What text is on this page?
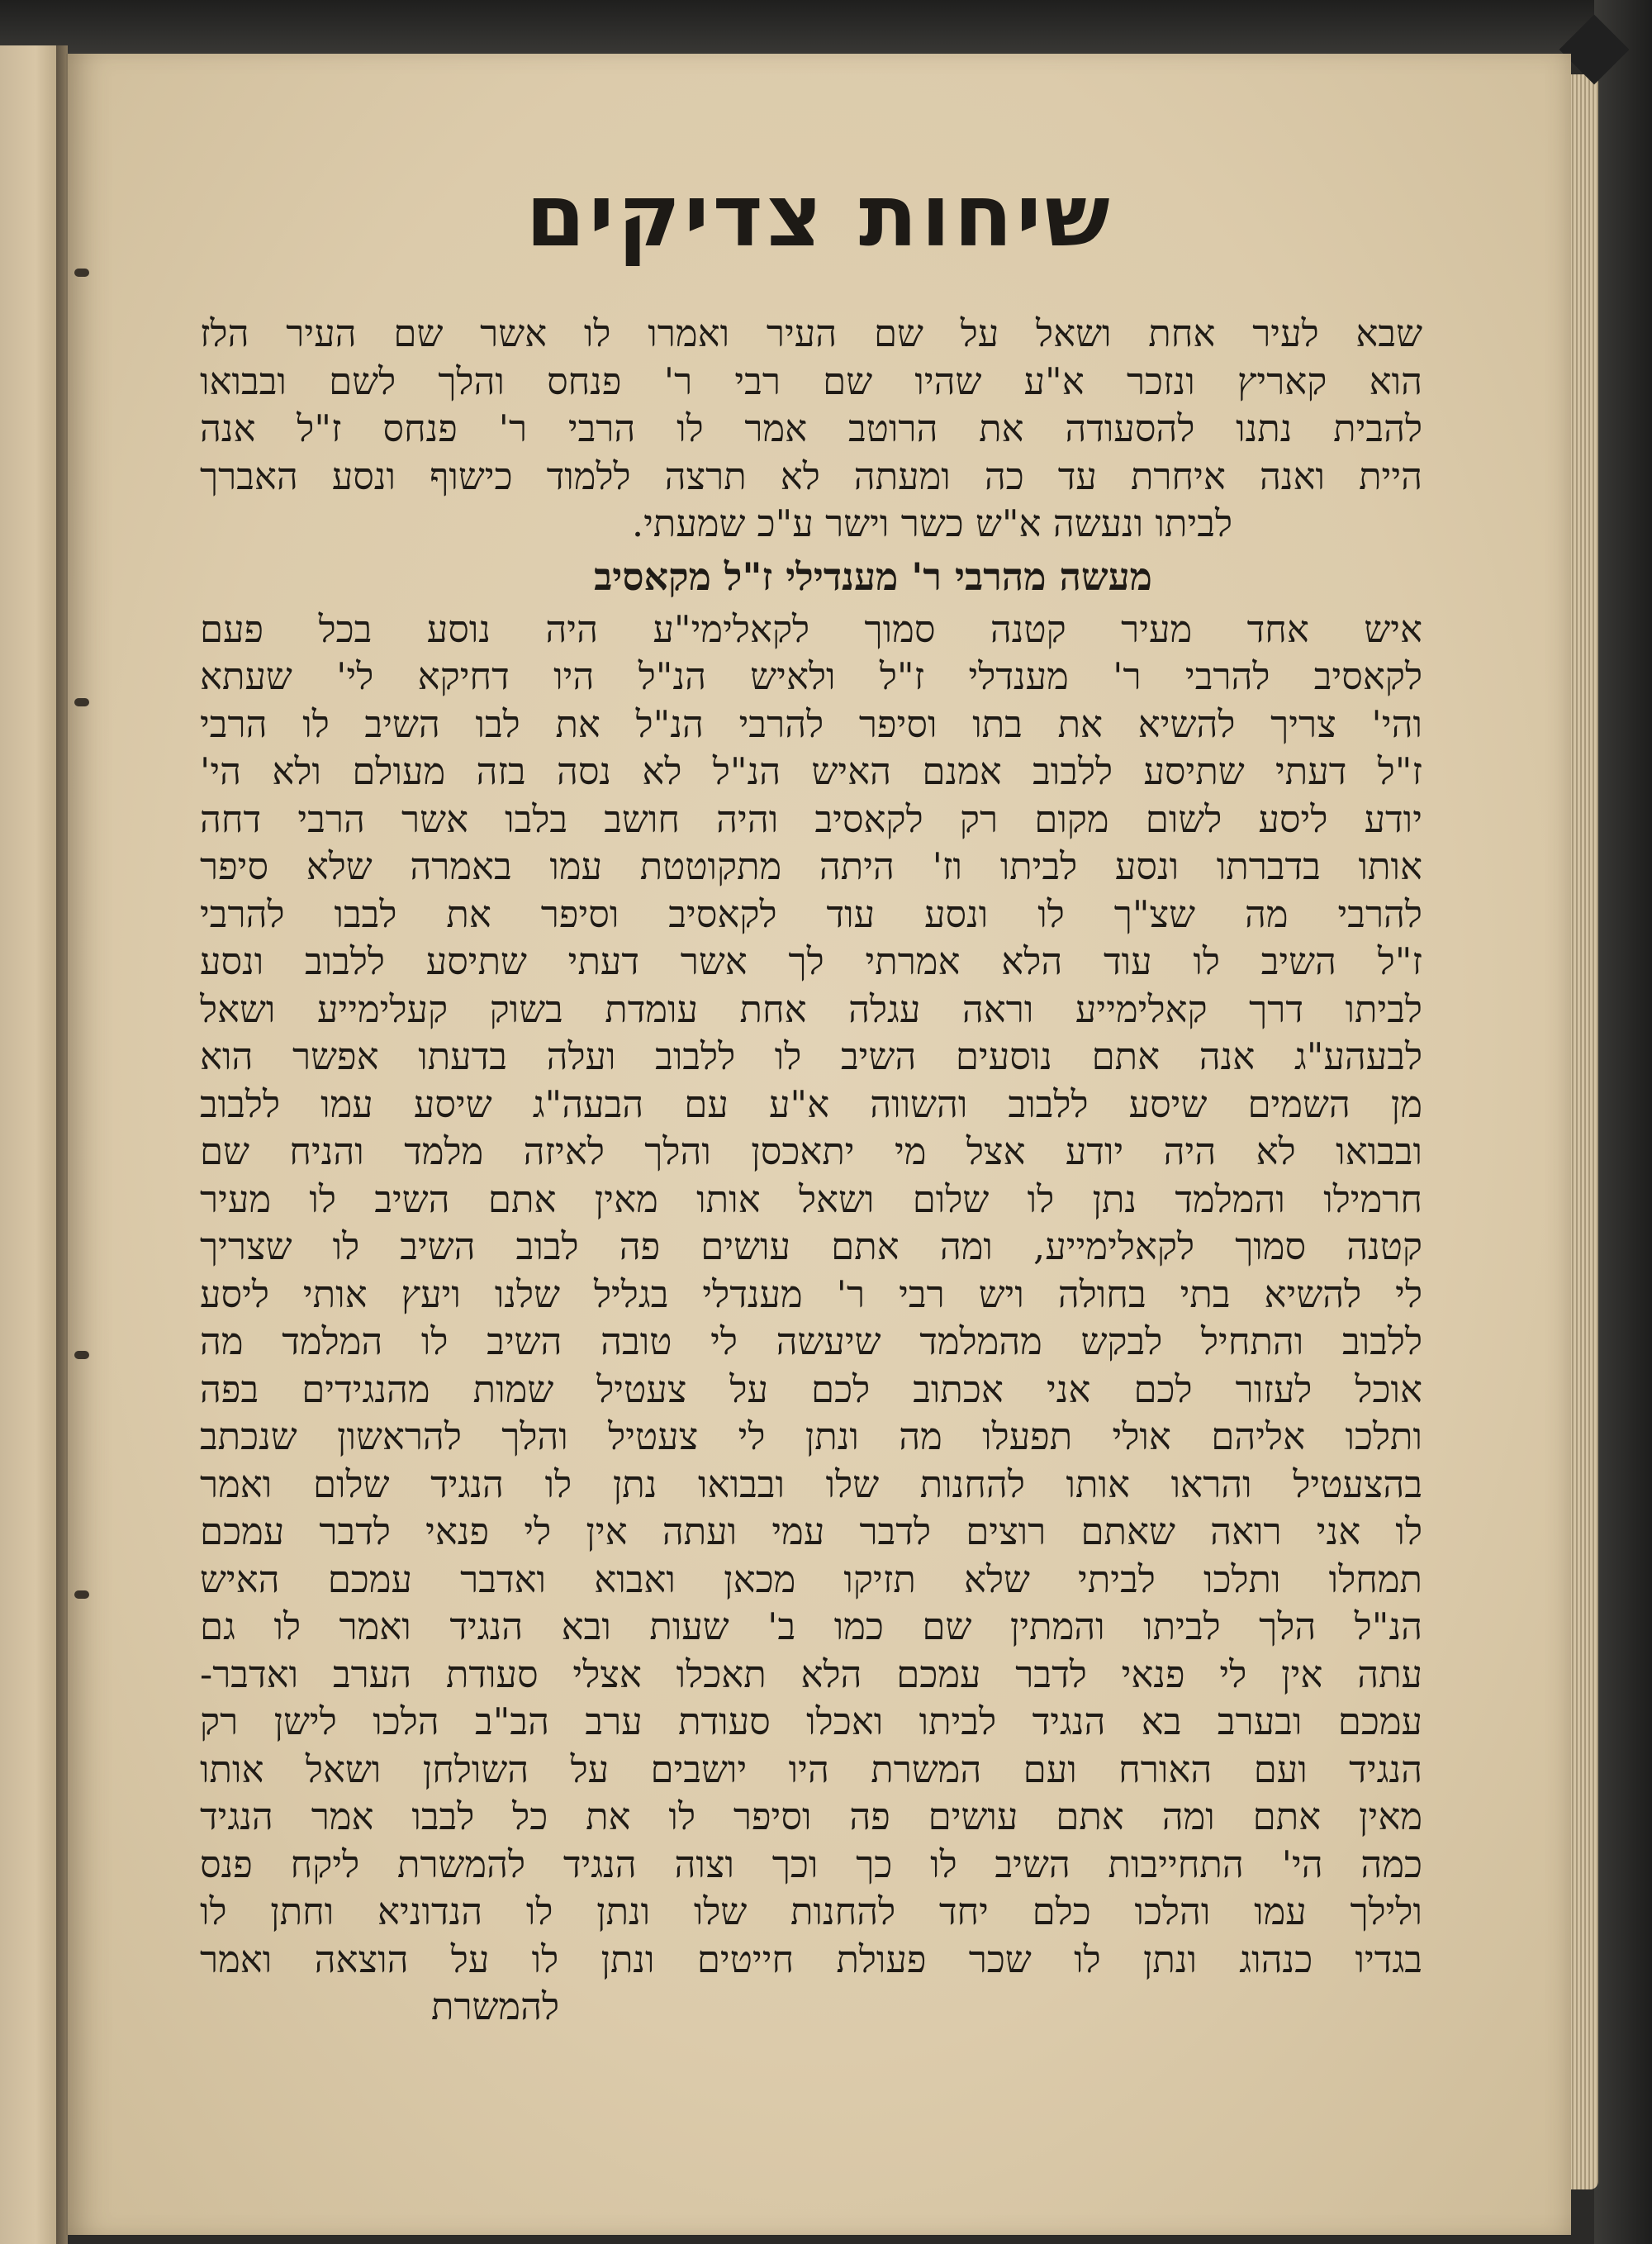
שיחות צדיקים
שבא לעיר אחת ושאל על שם העיר ואמרו לו אשר שם העיר הלז
הוא קאריץ ונזכר א"ע שהיו שם רבי ר' פנחס והלך לשם ובבואו
להבית נתנו להסעודה את הרוטב אמר לו הרבי ר' פנחס ז"ל אנה
היית ואנה איחרת עד כה ומעתה לא תרצה ללמוד כישוף ונסע האברך
לביתו ונעשה א"ש כשר וישר ע"כ שמעתי.
מעשה מהרבי ר' מענדילי ז"ל מקאסיב
איש אחד מעיר קטנה סמוך לקאלימי"ע היה נוסע בכל פעם
לקאסיב להרבי ר' מענדלי ז"ל ולאיש הנ"ל היו דחיקא לי' שעתא
והי' צריך להשיא את בתו וסיפר להרבי הנ"ל את לבו השיב לו הרבי
ז"ל דעתי שתיסע ללבוב אמנם האיש הנ"ל לא נסה בזה מעולם ולא הי'
יודע ליסע לשום מקום רק לקאסיב והיה חושב בלבו אשר הרבי דחה
אותו בדברתו ונסע לביתו וז' היתה מתקוטטת עמו באמרה שלא סיפר
להרבי מה שצ"ך לו ונסע עוד לקאסיב וסיפר את לבבו להרבי
ז"ל השיב לו עוד הלא אמרתי לך אשר דעתי שתיסע ללבוב ונסע
לביתו דרך קאלימייע וראה עגלה אחת עומדת בשוק קעלימייע ושאל
לבעהע"ג אנה אתם נוסעים השיב לו ללבוב ועלה בדעתו אפשר הוא
מן השמים שיסע ללבוב והשווה א"ע עם הבעה"ג שיסע עמו ללבוב
ובבואו לא היה יודע אצל מי יתאכסן והלך לאיזה מלמד והניח שם
חרמילו והמלמד נתן לו שלום ושאל אותו מאין אתם השיב לו מעיר
קטנה סמוך לקאלימייע, ומה אתם עושים פה לבוב השיב לו שצריך
לי להשיא בתי בחולה ויש רבי ר' מענדלי בגליל שלנו ויעץ אותי ליסע
ללבוב והתחיל לבקש מהמלמד שיעשה לי טובה השיב לו המלמד מה
אוכל לעזור לכם אני אכתוב לכם על צעטיל שמות מהנגידים בפה
ותלכו אליהם אולי תפעלו מה ונתן לי צעטיל והלך להראשון שנכתב
בהצעטיל והראו אותו להחנות שלו ובבואו נתן לו הנגיד שלום ואמר
לו אני רואה שאתם רוצים לדבר עמי ועתה אין לי פנאי לדבר עמכם
תמחלו ותלכו לביתי שלא תזיקו מכאן ואבוא ואדבר עמכם האיש
הנ"ל הלך לביתו והמתין שם כמו ב' שעות ובא הנגיד ואמר לו גם
עתה אין לי פנאי לדבר עמכם הלא תאכלו אצלי סעודת הערב ואדבר-
עמכם ובערב בא הנגיד לביתו ואכלו סעודת ערב הב"ב הלכו לישן רק
הנגיד ועם האורח ועם המשרת היו יושבים על השולחן ושאל אותו
מאין אתם ומה אתם עושים פה וסיפר לו את כל לבבו אמר הנגיד
כמה הי' התחייבות השיב לו כך וכך וצוה הנגיד להמשרת ליקח פנס
ולילך עמו והלכו כלם יחד להחנות שלו ונתן לו הנדוניא וחתן לו
בגדיו כנהוג ונתן לו שכר פעולת חייטים ונתן לו על הוצאה ואמר
להמשרת
